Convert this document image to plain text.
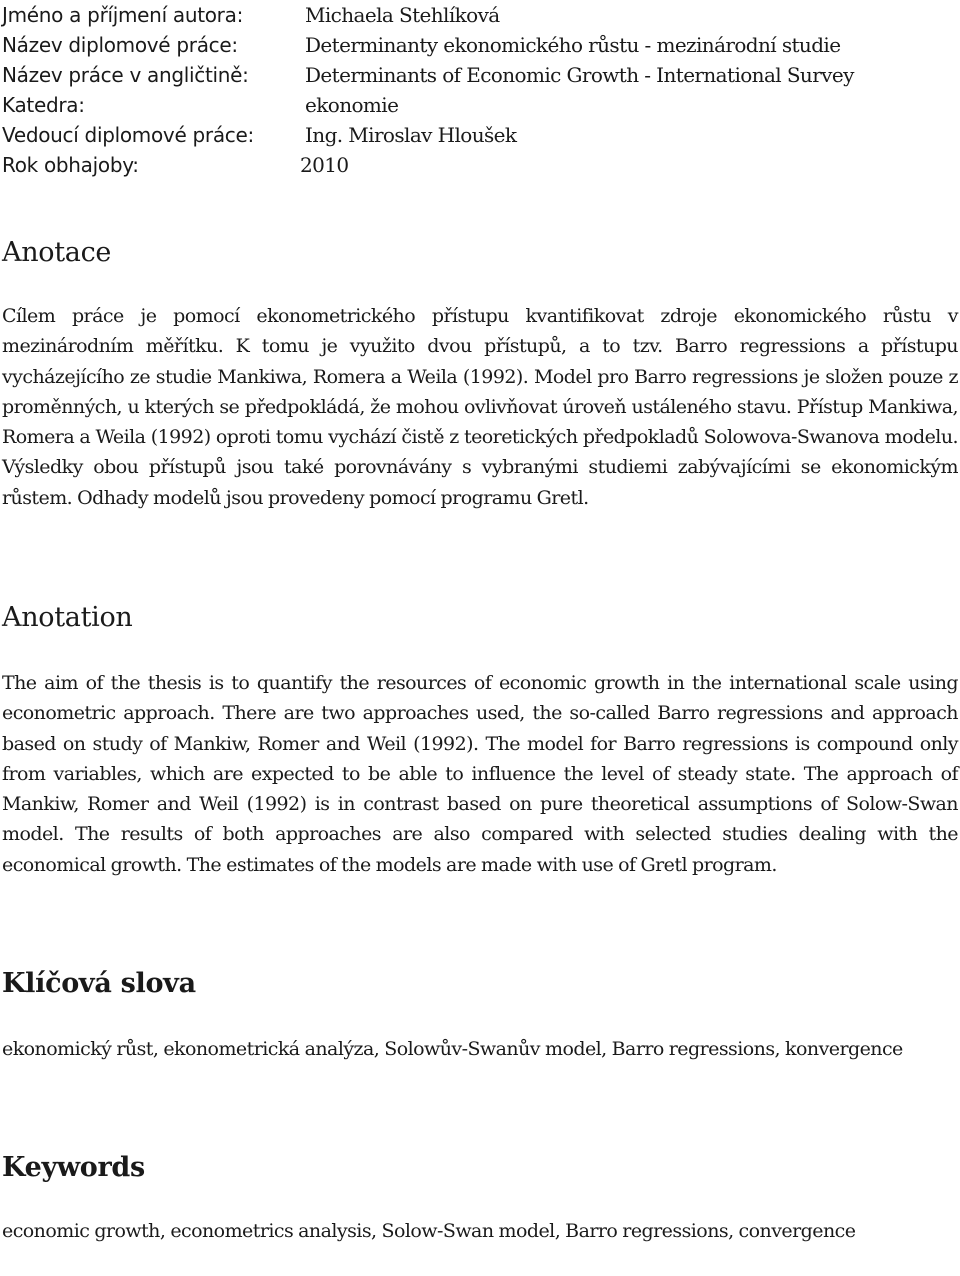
Jméno a příjmení autora:	Michaela Stehlíková
Název diplomové práce:	Determinanty ekonomického růstu - mezinárodní studie
Název práce v angličtině:	Determinants of Economic Growth - International Survey
Katedra:	ekonomie
Vedoucí diplomové práce:	Ing. Miroslav Hloušek
Rok obhajoby:	2010
Anotace

Cílem práce je pomocí ekonometrického přístupu kvantifikovat zdroje ekonomického růstu v mezinárodním měřítku. K tomu je využito dvou přístupů, a to tzv. Barro regressions a přístupu vycházejícího ze studie Mankiwa, Romera a Weila (1992). Model pro Barro regressions je složen pouze z proměnných, u kterých se předpokládá, že mohou ovlivňovat úroveň ustáleného stavu. Přístup Mankiwa, Romera a Weila (1992) oproti tomu vychází čistě z teoretických předpokladů Solowova-Swanova modelu. Výsledky obou přístupů jsou také porovnávány s vybranými studiemi zabývajícími se ekonomickým růstem. Odhady modelů jsou provedeny pomocí programu Gretl.

Anotation

The aim of the thesis is to quantify the resources of economic growth in the international scale using econometric approach. There are two approaches used, the so-called Barro regressions and approach based on study of Mankiw, Romer and Weil (1992). The model for Barro regressions is compound only from variables, which are expected to be able to influence the level of steady state. The approach of Mankiw, Romer and Weil (1992) is in contrast based on pure theoretical assumptions of Solow-Swan model. The results of both approaches are also compared with selected studies dealing with the economical growth. The estimates of the models are made with use of Gretl program.

Klíčová slova

ekonomický růst, ekonometrická analýza, Solowův-Swanův model, Barro regressions, konvergence

Keywords

economic growth, econometrics analysis, Solow-Swan model, Barro regressions, convergence
